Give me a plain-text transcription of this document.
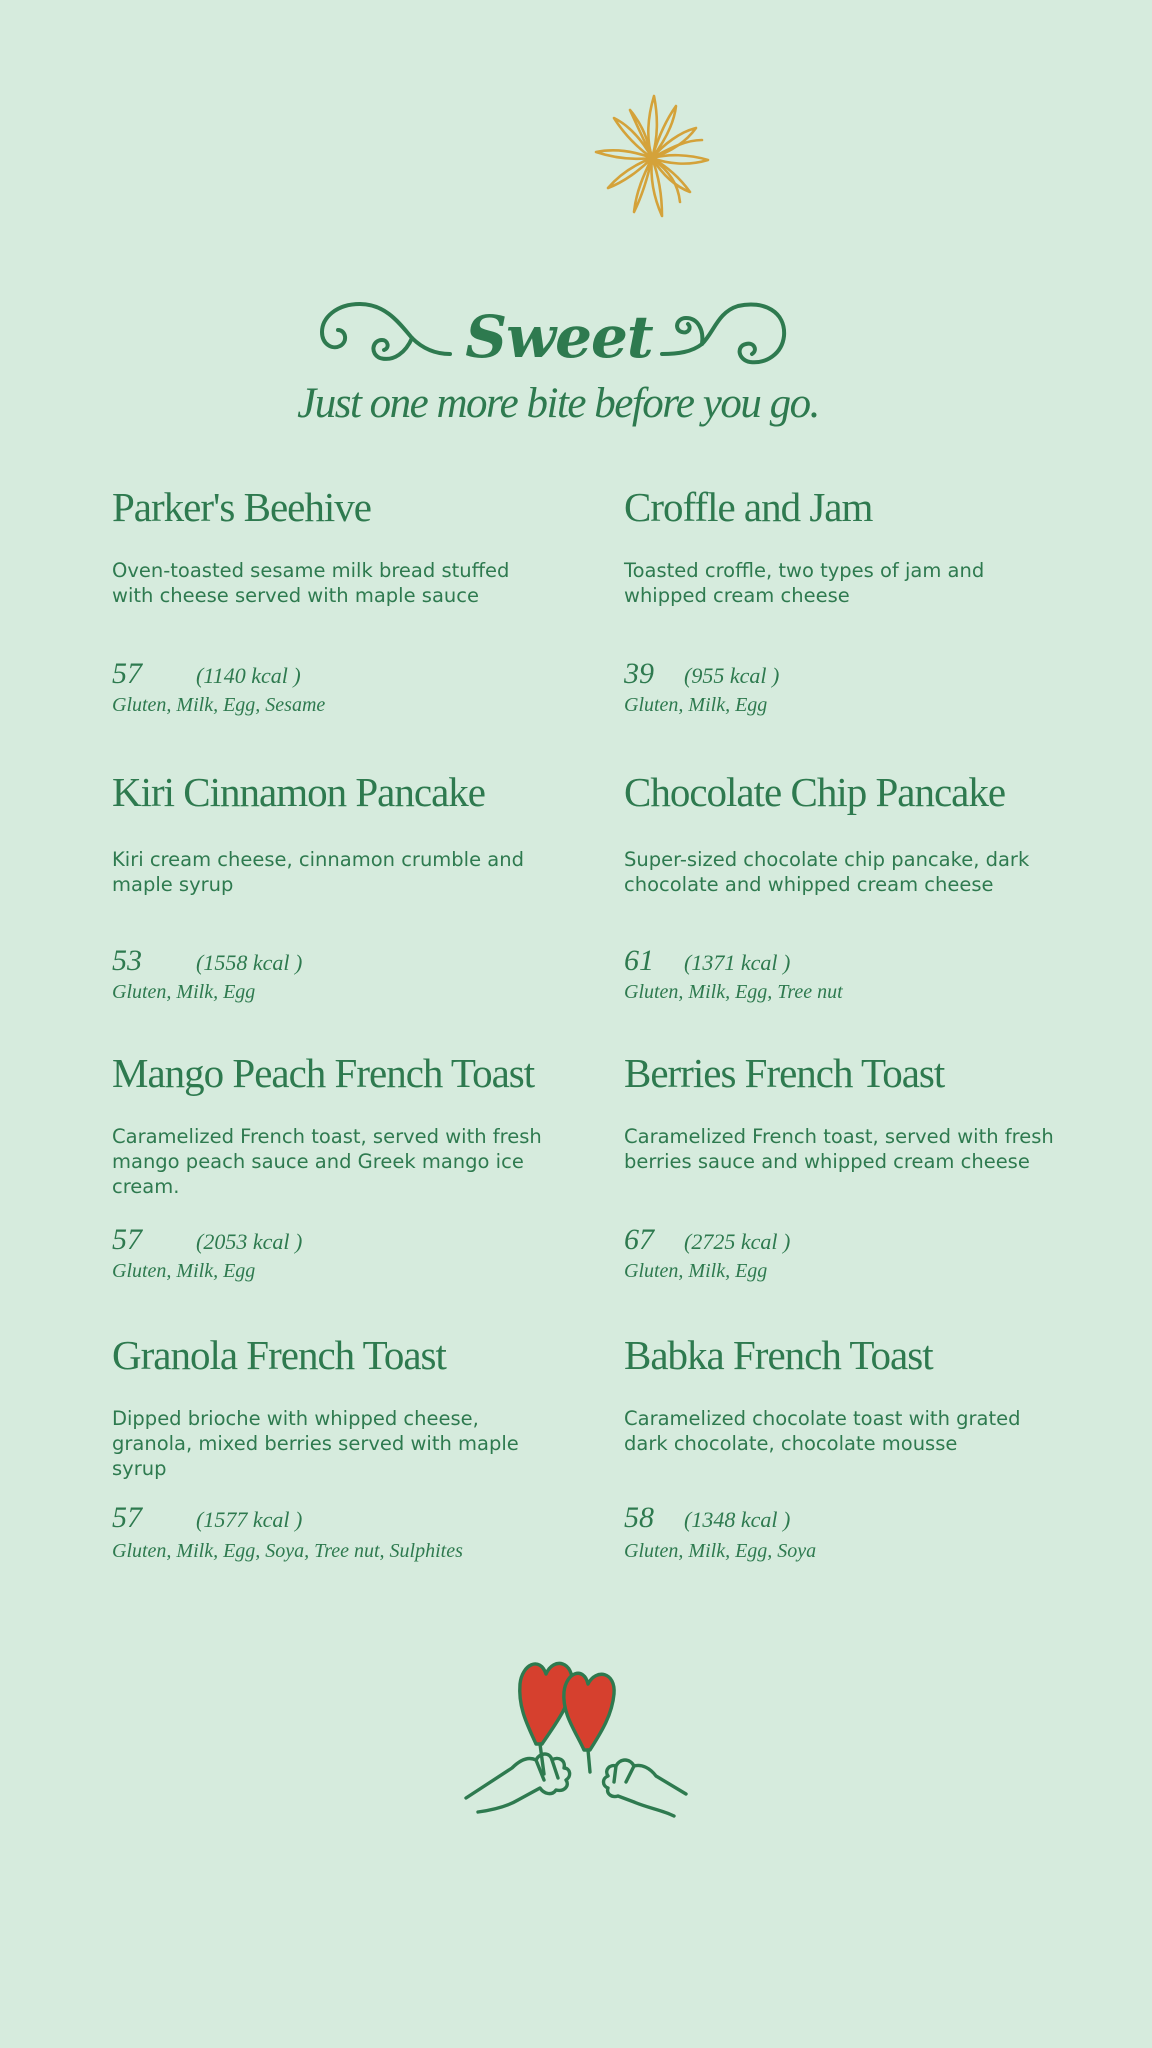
Sweet
Just one more bite before you go.
Parker's Beehive
Oven-toasted sesame milk bread stuffed with cheese served with maple sauce
57 (1140 kcal )
Gluten, Milk, Egg, Sesame
Croffle and Jam
Toasted croffle, two types of jam and whipped cream cheese
39 (955 kcal )
Gluten, Milk, Egg
Kiri Cinnamon Pancake
Kiri cream cheese, cinnamon crumble and maple syrup
53 (1558 kcal )
Gluten, Milk, Egg
Chocolate Chip Pancake
Super-sized chocolate chip pancake, dark chocolate and whipped cream cheese
61 (1371 kcal )
Gluten, Milk, Egg, Tree nut
Mango Peach French Toast
Caramelized French toast, served with fresh mango peach sauce and Greek mango ice cream.
57 (2053 kcal )
Gluten, Milk, Egg
Berries French Toast
Caramelized French toast, served with fresh berries sauce and whipped cream cheese
67 (2725 kcal )
Gluten, Milk, Egg
Granola French Toast
Dipped brioche with whipped cheese, granola, mixed berries served with maple syrup
57 (1577 kcal )
Gluten, Milk, Egg, Soya, Tree nut, Sulphites
Babka French Toast
Caramelized chocolate toast with grated dark chocolate, chocolate mousse
58 (1348 kcal )
Gluten, Milk, Egg, Soya
